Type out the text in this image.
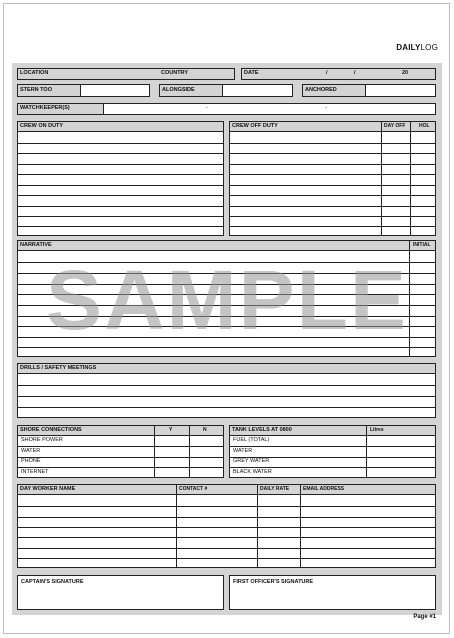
DAILYLOG
LOCATION	COUNTRY	DATE	/	/	20
STERN TOO	ALONGSIDE	ANCHORED
WATCHKEEPER(S)	-	-
CREW ON DUTY	CREW OFF DUTY	DAY OFF	HOL
NARRATIVE	INITIAL
DRILLS / SAFETY MEETINGS
SHORE CONNECTIONS	Y	N
SHORE POWER
WATER
PHONE
INTERNET
TANK LEVELS AT 0800	Litres
FUEL (TOTAL)
WATER
GREY WATER
BLACK WATER
DAY WORKER NAME	CONTACT #	DAILY RATE	EMAIL ADDRESS
CAPTAIN'S SIGNATURE	FIRST OFFICER'S SIGNATURE
SAMPLE
Page #1
